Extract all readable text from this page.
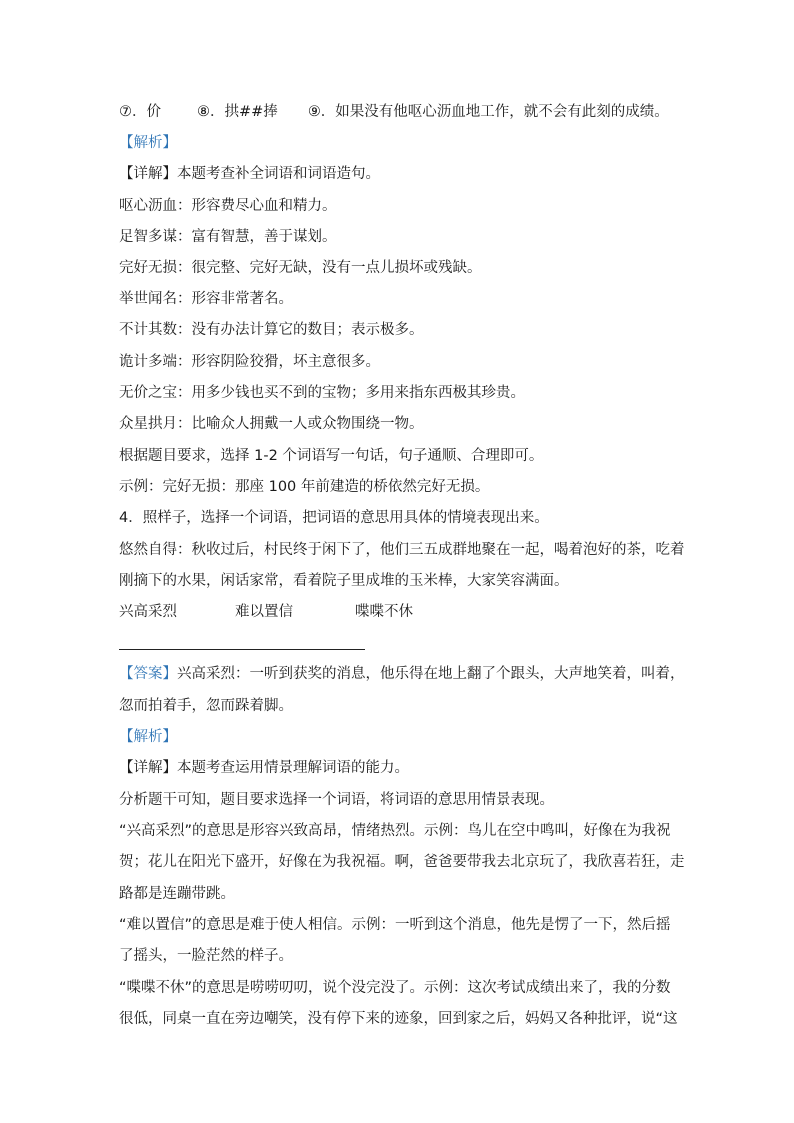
⑦．价 ⑧．拱##捧 ⑨．如果没有他呕心沥血地工作，就不会有此刻的成绩。
【解析】
【详解】本题考查补全词语和词语造句。
呕心沥血：形容费尽心血和精力。
足智多谋：富有智慧，善于谋划。
完好无损：很完整、完好无缺，没有一点儿损坏或残缺。
举世闻名：形容非常著名。
不计其数：没有办法计算它的数目；表示极多。
诡计多端：形容阴险狡猾，坏主意很多。
无价之宝：用多少钱也买不到的宝物；多用来指东西极其珍贵。
众星拱月：比喻众人拥戴一人或众物围绕一物。
根据题目要求，选择 1-2 个词语写一句话，句子通顺、合理即可。
示例：完好无损：那座 100 年前建造的桥依然完好无损。
4．照样子，选择一个词语，把词语的意思用具体的情境表现出来。
悠然自得：秋收过后，村民终于闲下了，他们三五成群地聚在一起，喝着泡好的茶，吃着
刚摘下的水果，闲话家常，看着院子里成堆的玉米棒，大家笑容满面。
兴高采烈	难以置信	喋喋不休
【答案】兴高采烈：一听到获奖的消息，他乐得在地上翻了个跟头，大声地笑着，叫着，
忽而拍着手，忽而跺着脚。
【解析】
【详解】本题考查运用情景理解词语的能力。
分析题干可知，题目要求选择一个词语，将词语的意思用情景表现。
“兴高采烈”的意思是形容兴致高昂，情绪热烈。示例：鸟儿在空中鸣叫，好像在为我祝
贺；花儿在阳光下盛开，好像在为我祝福。啊，爸爸要带我去北京玩了，我欣喜若狂，走
路都是连蹦带跳。
“难以置信”的意思是难于使人相信。示例：一听到这个消息，他先是愣了一下，然后摇
了摇头，一脸茫然的样子。
“喋喋不休”的意思是唠唠叨叨，说个没完没了。示例：这次考试成绩出来了，我的分数
很低，同桌一直在旁边嘲笑，没有停下来的迹象，回到家之后，妈妈又各种批评，说“这
